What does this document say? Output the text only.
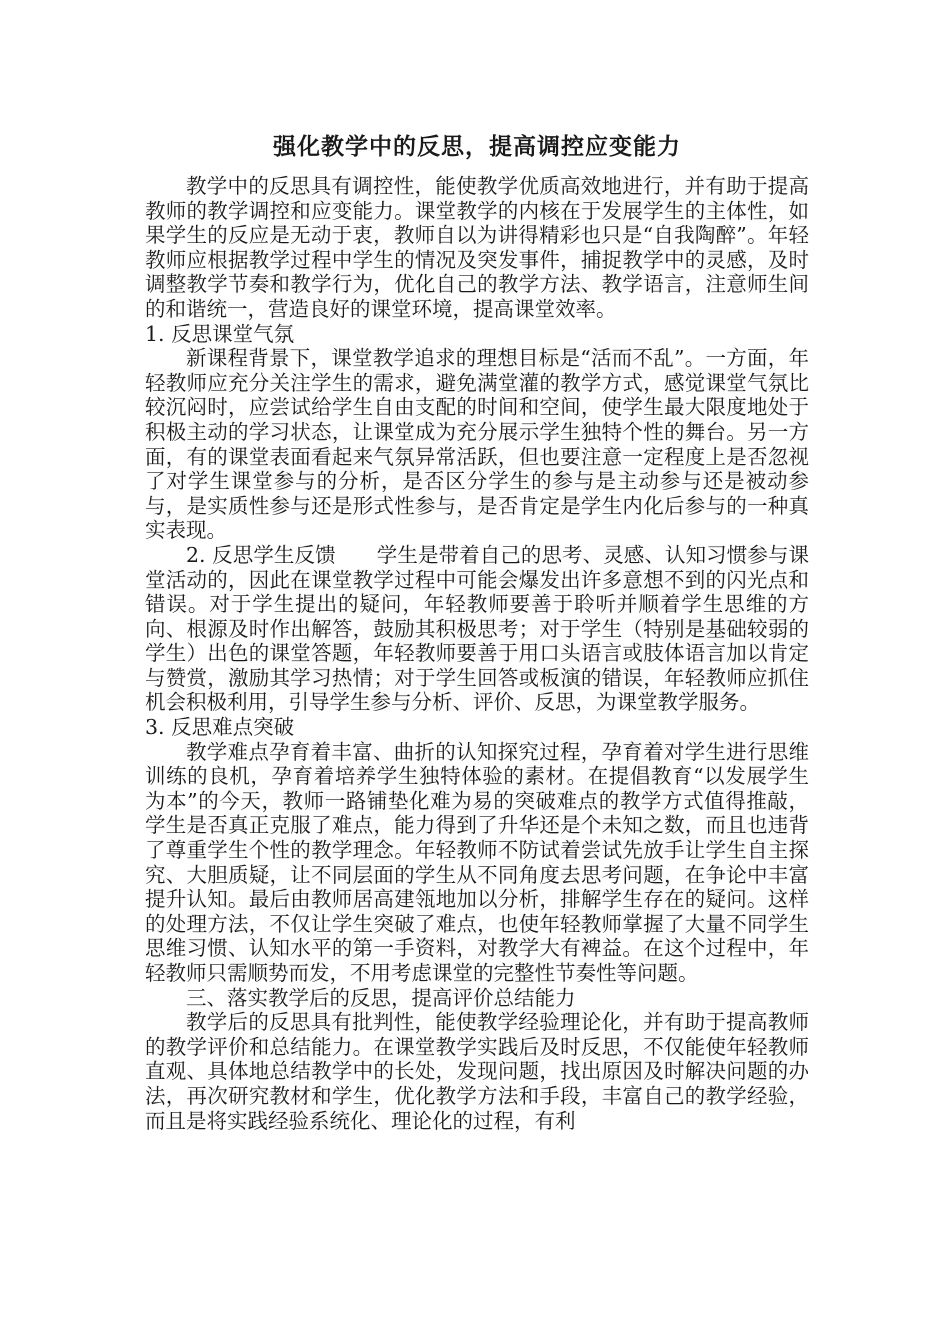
强化教学中的反思，提高调控应变能力

教学中的反思具有调控性，能使教学优质高效地进行，并有助于提高教师的教学调控和应变能力。课堂教学的内核在于发展学生的主体性，如果学生的反应是无动于衷，教师自以为讲得精彩也只是“自我陶醉”。年轻教师应根据教学过程中学生的情况及突发事件，捕捉教学中的灵感，及时调整教学节奏和教学行为，优化自己的教学方法、教学语言，注意师生间的和谐统一，营造良好的课堂环境，提高课堂效率。

1. 反思课堂气氛

新课程背景下，课堂教学追求的理想目标是“活而不乱”。一方面，年轻教师应充分关注学生的需求，避免满堂灌的教学方式，感觉课堂气氛比较沉闷时，应尝试给学生自由支配的时间和空间，使学生最大限度地处于积极主动的学习状态，让课堂成为充分展示学生独特个性的舞台。另一方面，有的课堂表面看起来气氛异常活跃，但也要注意一定程度上是否忽视了对学生课堂参与的分析，是否区分学生的参与是主动参与还是被动参与，是实质性参与还是形式性参与，是否肯定是学生内化后参与的一种真实表现。

2. 反思学生反馈   学生是带着自己的思考、灵感、认知习惯参与课堂活动的，因此在课堂教学过程中可能会爆发出许多意想不到的闪光点和错误。对于学生提出的疑问，年轻教师要善于聆听并顺着学生思维的方向、根源及时作出解答，鼓励其积极思考；对于学生（特别是基础较弱的学生）出色的课堂答题，年轻教师要善于用口头语言或肢体语言加以肯定与赞赏，激励其学习热情；对于学生回答或板演的错误，年轻教师应抓住机会积极利用，引导学生参与分析、评价、反思，为课堂教学服务。

3. 反思难点突破

教学难点孕育着丰富、曲折的认知探究过程，孕育着对学生进行思维训练的良机，孕育着培养学生独特体验的素材。在提倡教育“以发展学生为本”的今天，教师一路铺垫化难为易的突破难点的教学方式值得推敲，学生是否真正克服了难点，能力得到了升华还是个未知之数，而且也违背了尊重学生个性的教学理念。年轻教师不防试着尝试先放手让学生自主探究、大胆质疑，让不同层面的学生从不同角度去思考问题，在争论中丰富提升认知。最后由教师居高建瓴地加以分析，排解学生存在的疑问。这样的处理方法，不仅让学生突破了难点，也使年轻教师掌握了大量不同学生思维习惯、认知水平的第一手资料，对教学大有裨益。在这个过程中，年轻教师只需顺势而发，不用考虑课堂的完整性节奏性等问题。

三、落实教学后的反思，提高评价总结能力

教学后的反思具有批判性，能使教学经验理论化，并有助于提高教师的教学评价和总结能力。在课堂教学实践后及时反思，不仅能使年轻教师直观、具体地总结教学中的长处，发现问题，找出原因及时解决问题的办法，再次研究教材和学生，优化教学方法和手段，丰富自己的教学经验，而且是将实践经验系统化、理论化的过程，有利
